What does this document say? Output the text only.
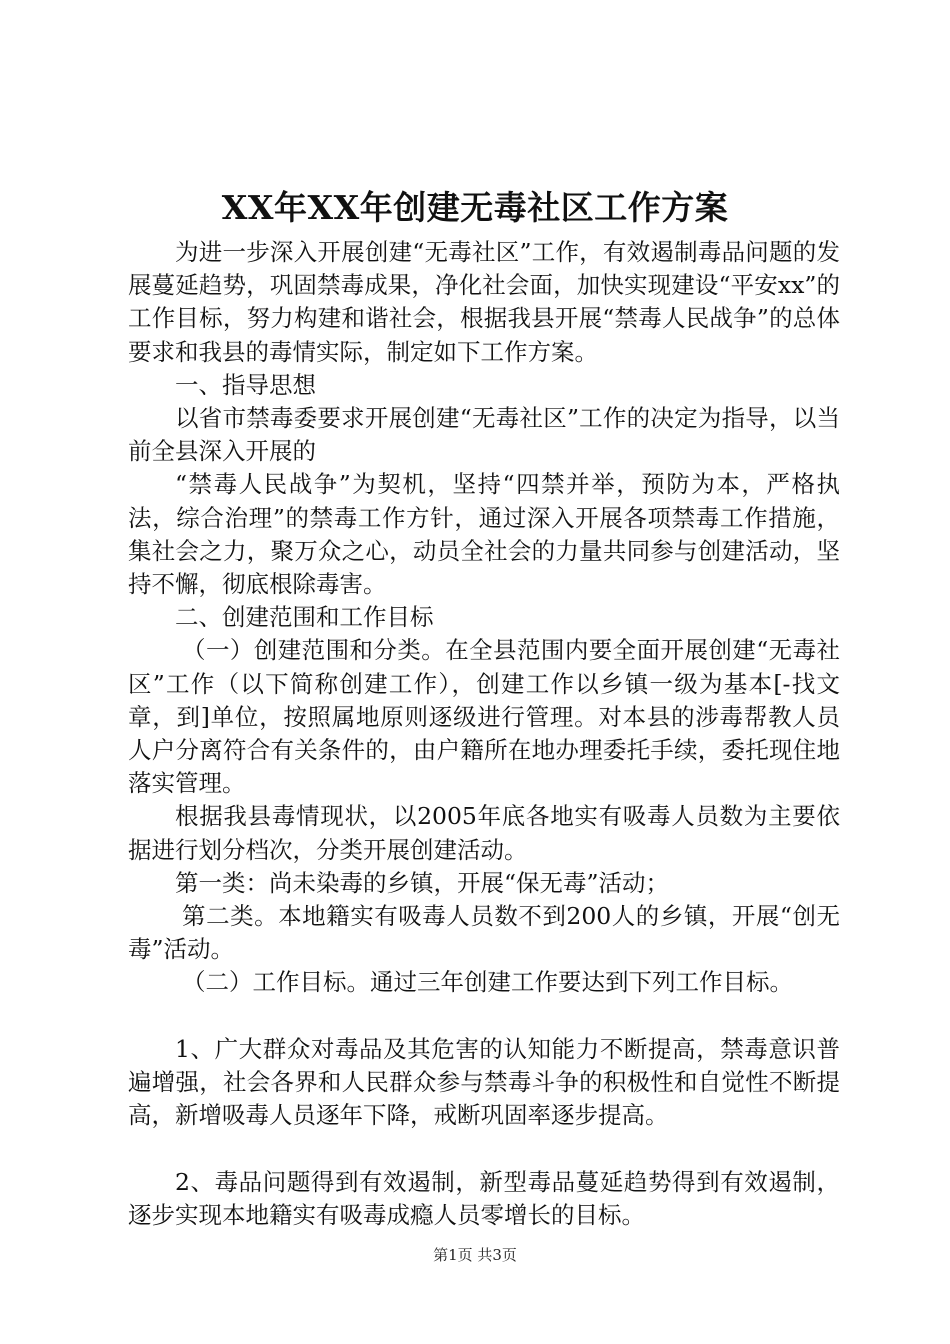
XX年XX年创建无毒社区工作方案

为进一步深入开展创建“无毒社区”工作，有效遏制毒品问题的发展蔓延趋势，巩固禁毒成果，净化社会面，加快实现建设“平安xx”的工作目标，努力构建和谐社会，根据我县开展“禁毒人民战争”的总体要求和我县的毒情实际，制定如下工作方案。

一、指导思想

以省市禁毒委要求开展创建“无毒社区”工作的决定为指导，以当前全县深入开展的

“禁毒人民战争”为契机，坚持“四禁并举，预防为本，严格执法，综合治理”的禁毒工作方针，通过深入开展各项禁毒工作措施，集社会之力，聚万众之心，动员全社会的力量共同参与创建活动，坚持不懈，彻底根除毒害。

二、创建范围和工作目标

（一）创建范围和分类。在全县范围内要全面开展创建“无毒社区”工作（以下简称创建工作），创建工作以乡镇一级为基本[-找文章，到]单位，按照属地原则逐级进行管理。对本县的涉毒帮教人员人户分离符合有关条件的，由户籍所在地办理委托手续，委托现住地落实管理。

根据我县毒情现状，以2005年底各地实有吸毒人员数为主要依据进行划分档次，分类开展创建活动。

第一类：尚未染毒的乡镇，开展“保无毒”活动；

第二类。本地籍实有吸毒人员数不到200人的乡镇，开展“创无毒”活动。

（二）工作目标。通过三年创建工作要达到下列工作目标。

1、广大群众对毒品及其危害的认知能力不断提高，禁毒意识普遍增强，社会各界和人民群众参与禁毒斗争的积极性和自觉性不断提高，新增吸毒人员逐年下降，戒断巩固率逐步提高。

2、毒品问题得到有效遏制，新型毒品蔓延趋势得到有效遏制，逐步实现本地籍实有吸毒成瘾人员零增长的目标。

第1页 共3页
